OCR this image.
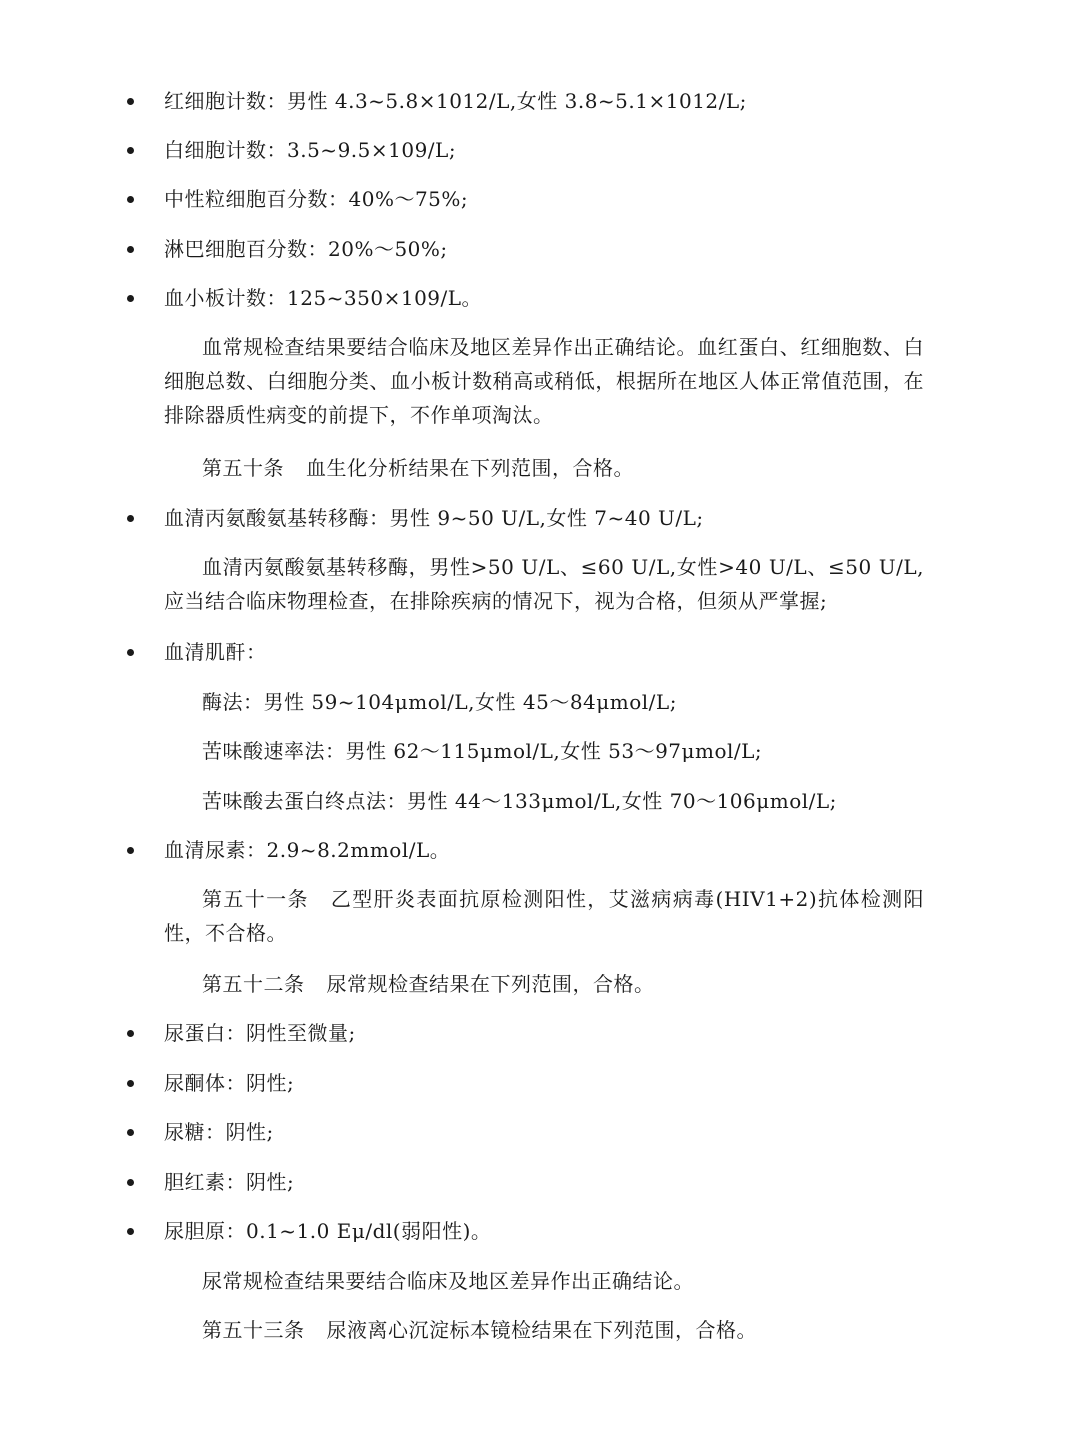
红细胞计数：男性 4.3~5.8×1012/L,女性 3.8~5.1×1012/L;
白细胞计数：3.5~9.5×109/L;
中性粒细胞百分数：40%～75%;
淋巴细胞百分数：20%～50%;
血小板计数：125~350×109/L。
血常规检查结果要结合临床及地区差异作出正确结论。血红蛋白、红细胞数、白细胞总数、白细胞分类、血小板计数稍高或稍低，根据所在地区人体正常值范围，在排除器质性病变的前提下，不作单项淘汰。
第五十条 血生化分析结果在下列范围，合格。
血清丙氨酸氨基转移酶：男性 9~50 U/L,女性 7~40 U/L;
血清丙氨酸氨基转移酶，男性>50 U/L、≤60 U/L,女性>40 U/L、≤50 U/L,应当结合临床物理检查，在排除疾病的情况下，视为合格，但须从严掌握;
血清肌酐：
酶法：男性 59~104μmol/L,女性 45～84μmol/L;
苦味酸速率法：男性 62～115μmol/L,女性 53～97μmol/L;
苦味酸去蛋白终点法：男性 44～133μmol/L,女性 70～106μmol/L;
血清尿素：2.9~8.2mmol/L。
第五十一条 乙型肝炎表面抗原检测阳性，艾滋病病毒(HIV1+2)抗体检测阳性，不合格。
第五十二条 尿常规检查结果在下列范围，合格。
尿蛋白：阴性至微量;
尿酮体：阴性;
尿糖：阴性;
胆红素：阴性;
尿胆原：0.1~1.0 Eμ/dl(弱阳性)。
尿常规检查结果要结合临床及地区差异作出正确结论。
第五十三条 尿液离心沉淀标本镜检结果在下列范围，合格。
